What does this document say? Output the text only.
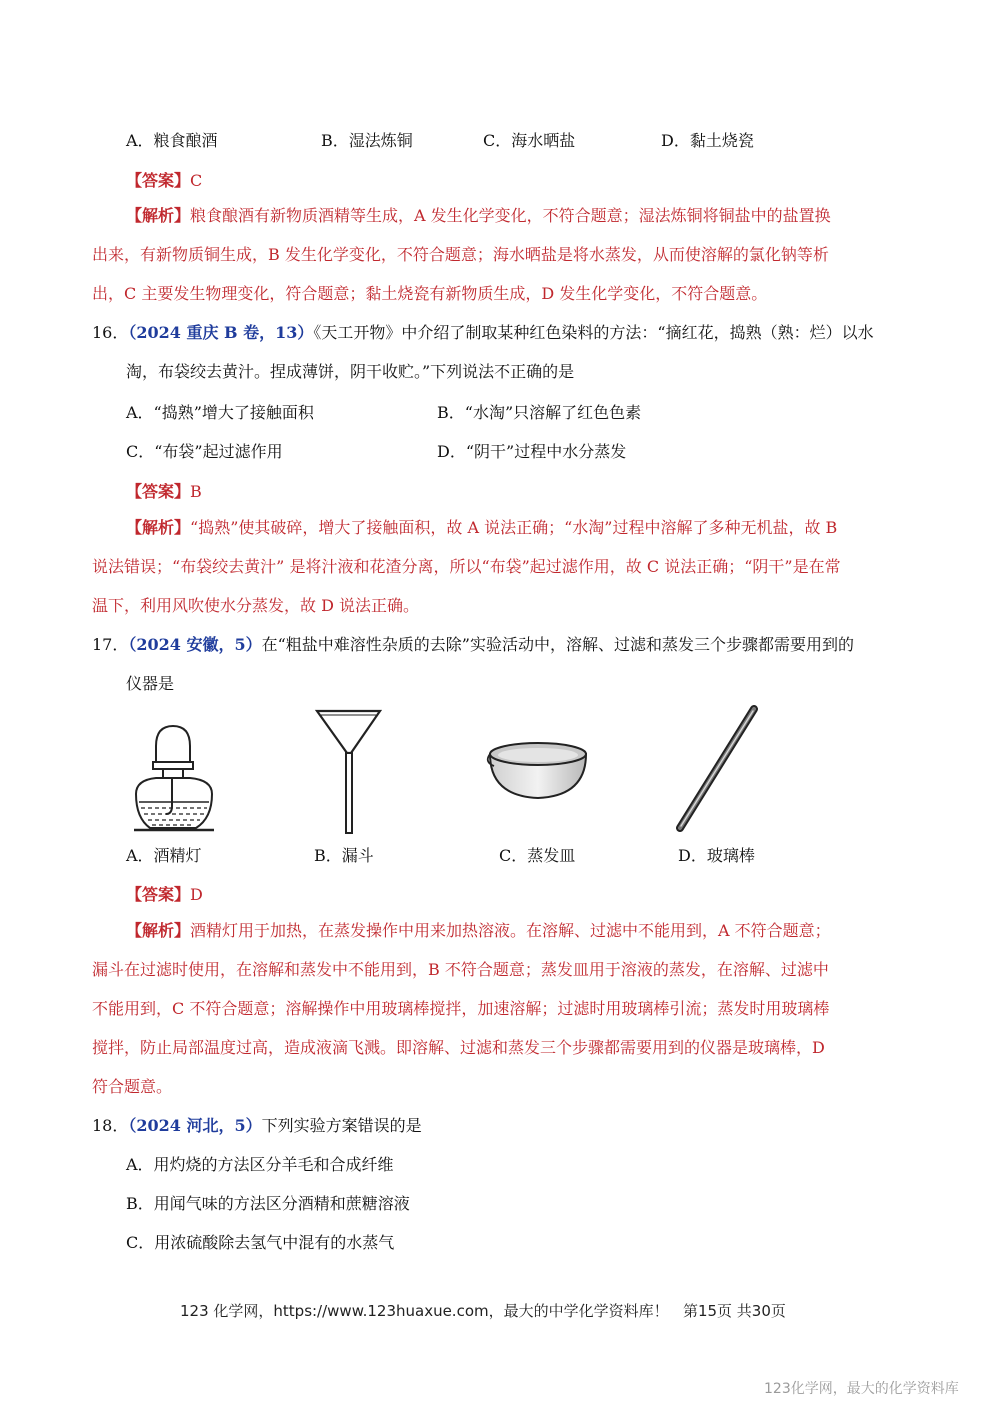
A．粮食酿酒	B．湿法炼铜	C．海水晒盐	D．黏土烧瓷
【答案】C
【解析】粮食酿酒有新物质酒精等生成，A 发生化学变化，不符合题意；湿法炼铜将铜盐中的盐置换
出来，有新物质铜生成，B 发生化学变化，不符合题意；海水晒盐是将水蒸发，从而使溶解的氯化钠等析
出，C 主要发生物理变化，符合题意；黏土烧瓷有新物质生成，D 发生化学变化，不符合题意。
16．（2024 重庆 B 卷，13）《天工开物》中介绍了制取某种红色染料的方法：“摘红花，捣熟（熟：烂）以水
淘，布袋绞去黄汁。捏成薄饼，阴干收贮。”下列说法不正确的是
A．“捣熟”增大了接触面积	B．“水淘”只溶解了红色色素
C．“布袋”起过滤作用	D．“阴干”过程中水分蒸发
【答案】B
【解析】“捣熟”使其破碎，增大了接触面积，故 A 说法正确；“水淘”过程中溶解了多种无机盐，故 B
说法错误；“布袋绞去黄汁” 是将汁液和花渣分离，所以“布袋”起过滤作用，故 C 说法正确；“阴干”是在常
温下，利用风吹使水分蒸发，故 D 说法正确。
17．（2024 安徽，5）在“粗盐中难溶性杂质的去除”实验活动中，溶解、过滤和蒸发三个步骤都需要用到的
仪器是
A．酒精灯	B．漏斗	C．蒸发皿	D．玻璃棒
【答案】D
【解析】酒精灯用于加热，在蒸发操作中用来加热溶液。在溶解、过滤中不能用到，A 不符合题意；
漏斗在过滤时使用，在溶解和蒸发中不能用到，B 不符合题意；蒸发皿用于溶液的蒸发，在溶解、过滤中
不能用到，C 不符合题意；溶解操作中用玻璃棒搅拌，加速溶解；过滤时用玻璃棒引流；蒸发时用玻璃棒
搅拌，防止局部温度过高，造成液滴飞溅。即溶解、过滤和蒸发三个步骤都需要用到的仪器是玻璃棒，D
符合题意。
18．（2024 河北，5）下列实验方案错误的是
A．用灼烧的方法区分羊毛和合成纤维
B．用闻气味的方法区分酒精和蔗糖溶液
C．用浓硫酸除去氢气中混有的水蒸气
123 化学网，https://www.123huaxue.com，最大的中学化学资料库！ 第15页 共30页
123化学网，最大的化学资料库
